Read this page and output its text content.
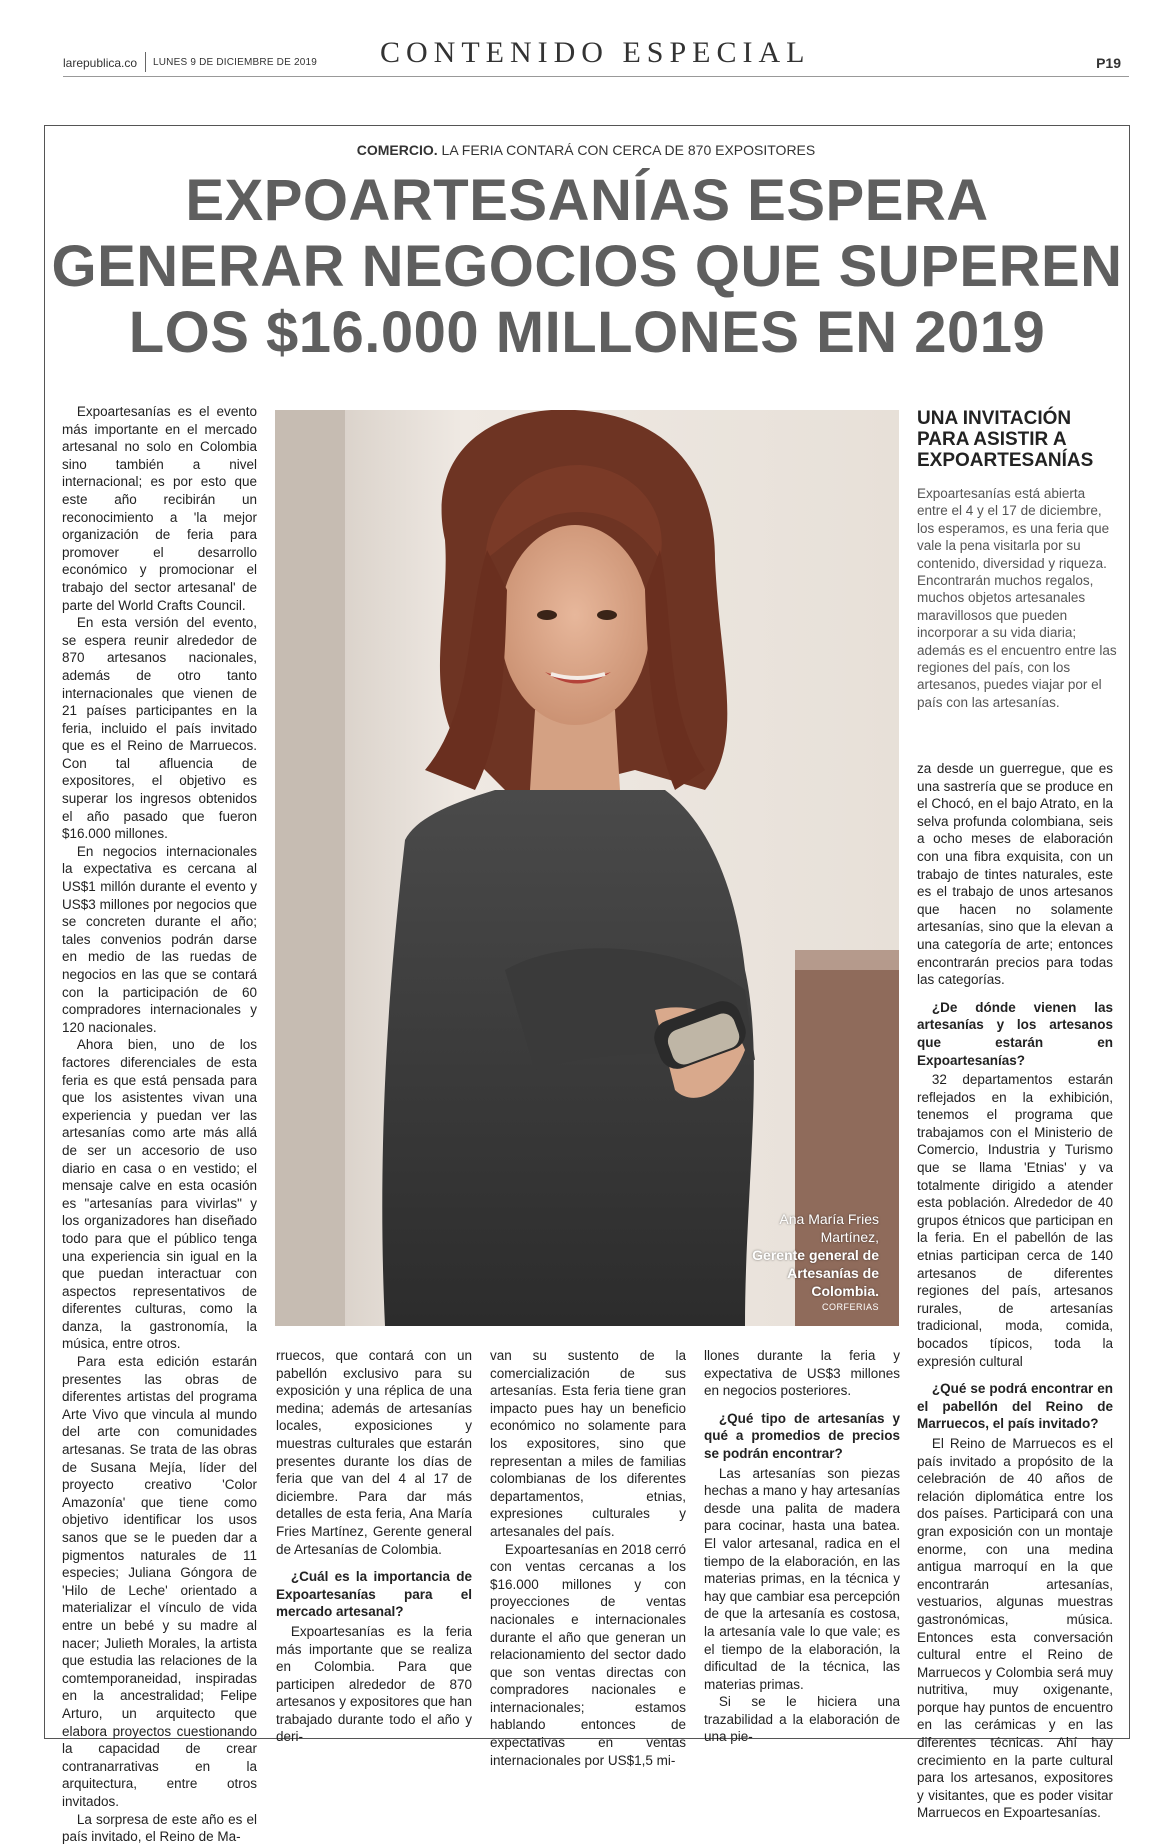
larepublica.co LUNES 9 DE DICIEMBRE DE 2019 CONTENIDO ESPECIAL	P19
COMERCIO. LA FERIA CONTARÁ CON CERCA DE 870 EXPOSITORES
EXPOARTESANÍAS ESPERA
GENERAR NEGOCIOS QUE SUPEREN
LOS $16.000 MILLONES EN 2019

Expoartesanías es el evento más importante en el mercado artesanal no solo en Colombia sino también a nivel internacional; es por esto que este año recibirán un reconocimiento a 'la mejor organización de feria para promover el desarrollo económico y promocionar el trabajo del sector artesanal' de parte del World Crafts Council.

En esta versión del evento, se espera reunir alrededor de 870 artesanos nacionales, además de otro tanto internacionales que vienen de 21 países participantes en la feria, incluido el país invitado que es el Reino de Marruecos. Con tal afluencia de expositores, el objetivo es superar los ingresos obtenidos el año pasado que fueron $16.000 millones.

En negocios internacionales la expectativa es cercana al US$1 millón durante el evento y US$3 millones por negocios que se concreten durante el año; tales convenios podrán darse en medio de las ruedas de negocios en las que se contará con la participación de 60 compradores internacionales y 120 nacionales.

Ahora bien, uno de los factores diferenciales de esta feria es que está pensada para que los asistentes vivan una experiencia y puedan ver las artesanías como arte más allá de ser un accesorio de uso diario en casa o en vestido; el mensaje calve en esta ocasión es "artesanías para vivirlas" y los organizadores han diseñado todo para que el público tenga una experiencia sin igual en la que puedan interactuar con aspectos representativos de diferentes culturas, como la danza, la gastronomía, la música, entre otros.

Para esta edición estarán presentes las obras de diferentes artistas del programa Arte Vivo que vincula al mundo del arte con comunidades artesanas. Se trata de las obras de Susana Mejía, líder del proyecto creativo 'Color Amazonía' que tiene como objetivo identificar los usos sanos que se le pueden dar a pigmentos naturales de 11 especies; Juliana Góngora de 'Hilo de Leche' orientado a materializar el vínculo de vida entre un bebé y su madre al nacer; Julieth Morales, la artista que estudia las relaciones de la comtemporaneidad, inspiradas en la ancestralidad; Felipe Arturo, un arquitecto que elabora proyectos cuestionando la capacidad de crear contranarrativas en la arquitectura, entre otros invitados.

La sorpresa de este año es el país invitado, el Reino de Ma-

Ana María Fries Martínez,
Gerente general de Artesanías de Colombia.
CORFERIAS
UNA INVITACIÓN PARA ASISTIR A EXPOARTESANÍAS

Expoartesanías está abierta entre el 4 y el 17 de diciembre, los esperamos, es una feria que vale la pena visitarla por su contenido, diversidad y riqueza. Encontrarán muchos regalos, muchos objetos artesanales maravillosos que pueden incorporar a su vida diaria; además es el encuentro entre las regiones del país, con los artesanos, puedes viajar por el país con las artesanías.

rruecos, que contará con un pabellón exclusivo para su exposición y una réplica de una medina; además de artesanías locales, exposiciones y muestras culturales que estarán presentes durante los días de feria que van del 4 al 17 de diciembre. Para dar más detalles de esta feria, Ana María Fries Martínez, Gerente general de Artesanías de Colombia.

¿Cuál es la importancia de Expoartesanías para el mercado artesanal?

Expoartesanías es la feria más importante que se realiza en Colombia. Para que participen alrededor de 870 artesanos y expositores que han trabajado durante todo el año y deri-

van su sustento de la comercialización de sus artesanías. Esta feria tiene gran impacto pues hay un beneficio económico no solamente para los expositores, sino que representan a miles de familias colombianas de los diferentes departamentos, etnias, expresiones culturales y artesanales del país.

Expoartesanías en 2018 cerró con ventas cercanas a los $16.000 millones y con proyecciones de ventas nacionales e internacionales durante el año que generan un relacionamiento del sector dado que son ventas directas con compradores nacionales e internacionales; estamos hablando entonces de expectativas en ventas internacionales por US$1,5 mi-

llones durante la feria y expectativa de US$3 millones en negocios posteriores.

¿Qué tipo de artesanías y qué a promedios de precios se podrán encontrar?

Las artesanías son piezas hechas a mano y hay artesanías desde una palita de madera para cocinar, hasta una batea. El valor artesanal, radica en el tiempo de la elaboración, en las materias primas, en la técnica y hay que cambiar esa percepción de que la artesanía es costosa, la artesanía vale lo que vale; es el tiempo de la elaboración, la dificultad de la técnica, las materias primas.

Si se le hiciera una trazabilidad a la elaboración de una pie-

za desde un guerregue, que es una sastrería que se produce en el Chocó, en el bajo Atrato, en la selva profunda colombiana, seis a ocho meses de elaboración con una fibra exquisita, con un trabajo de tintes naturales, este es el trabajo de unos artesanos que hacen no solamente artesanías, sino que la elevan a una categoría de arte; entonces encontrarán precios para todas las categorías.

¿De dónde vienen las artesanías y los artesanos que estarán en Expoartesanías?

32 departamentos estarán reflejados en la exhibición, tenemos el programa que trabajamos con el Ministerio de Comercio, Industria y Turismo que se llama 'Etnias' y va totalmente dirigido a atender esta población. Alrededor de 40 grupos étnicos que participan en la feria. En el pabellón de las etnias participan cerca de 140 artesanos de diferentes regiones del país, artesanos rurales, de artesanías tradicional, moda, comida, bocados típicos, toda la expresión cultural

¿Qué se podrá encontrar en el pabellón del Reino de Marruecos, el país invitado?

El Reino de Marruecos es el país invitado a propósito de la celebración de 40 años de relación diplomática entre los dos países. Participará con una gran exposición con un montaje enorme, con una medina antigua marroquí en la que encontrarán artesanías, vestuarios, algunas muestras gastronómicas, música. Entonces esta conversación cultural entre el Reino de Marruecos y Colombia será muy nutritiva, muy oxigenante, porque hay puntos de encuentro en las cerámicas y en las diferentes técnicas. Ahí hay crecimiento en la parte cultural para los artesanos, expositores y visitantes, que es poder visitar Marruecos en Expoartesanías.
